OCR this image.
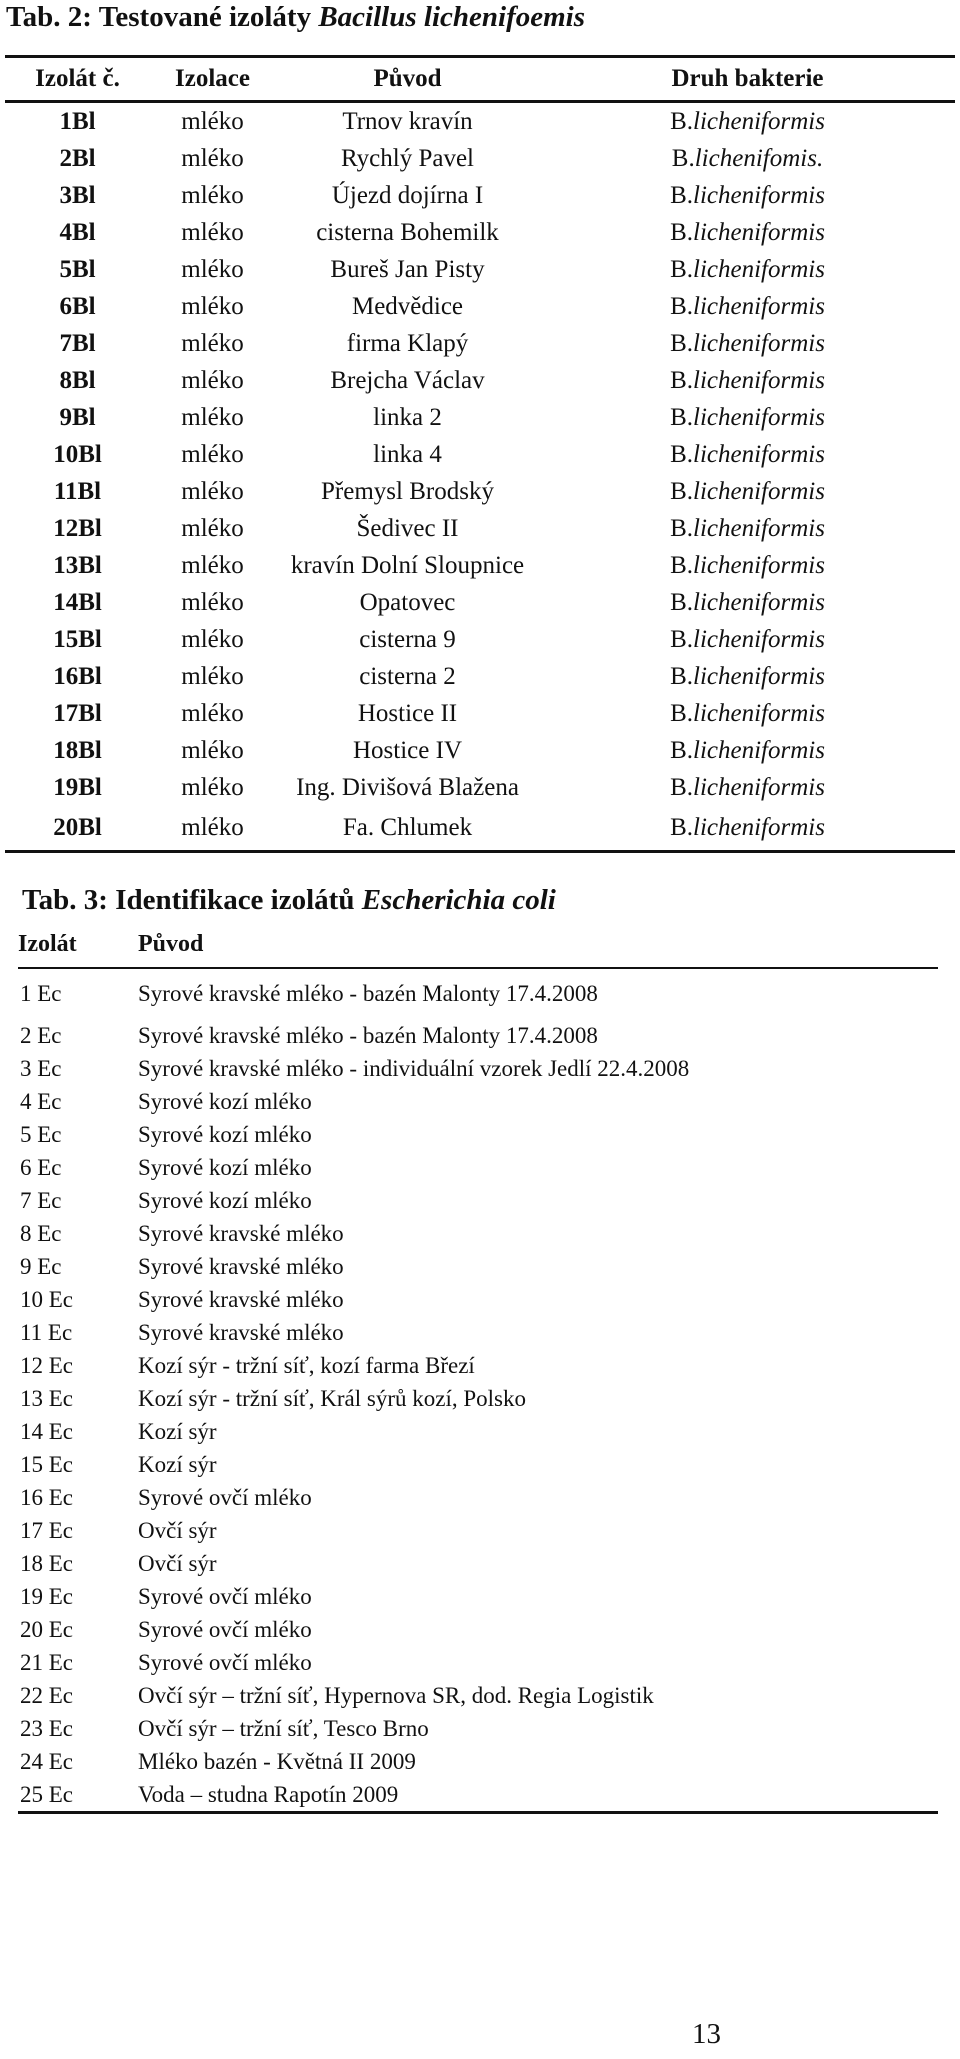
Tab. 2: Testované izoláty Bacillus lichenifoemis
Izolát č.	Izolace	Původ	Druh bakterie
1Bl	mléko	Trnov kravín	B.licheniformis
2Bl	mléko	Rychlý Pavel	B.lichenifomis.
3Bl	mléko	Újezd dojírna I	B.licheniformis
4Bl	mléko	cisterna Bohemilk	B.licheniformis
5Bl	mléko	Bureš Jan Pisty	B.licheniformis
6Bl	mléko	Medvědice	B.licheniformis
7Bl	mléko	firma Klapý	B.licheniformis
8Bl	mléko	Brejcha Václav	B.licheniformis
9Bl	mléko	linka 2	B.licheniformis
10Bl	mléko	linka 4	B.licheniformis
11Bl	mléko	Přemysl Brodský	B.licheniformis
12Bl	mléko	Šedivec II	B.licheniformis
13Bl	mléko	kravín Dolní Sloupnice	B.licheniformis
14Bl	mléko	Opatovec	B.licheniformis
15Bl	mléko	cisterna 9	B.licheniformis
16Bl	mléko	cisterna 2	B.licheniformis
17Bl	mléko	Hostice II	B.licheniformis
18Bl	mléko	Hostice IV	B.licheniformis
19Bl	mléko	Ing. Divišová Blažena	B.licheniformis
20Bl	mléko	Fa. Chlumek	B.licheniformis
Tab. 3: Identifikace izolátů Escherichia coli
Izolát	Původ
1 Ec	Syrové kravské mléko - bazén Malonty 17.4.2008
2 Ec	Syrové kravské mléko - bazén Malonty 17.4.2008
3 Ec	Syrové kravské mléko - individuální vzorek Jedlí 22.4.2008
4 Ec	Syrové kozí mléko
5 Ec	Syrové kozí mléko
6 Ec	Syrové kozí mléko
7 Ec	Syrové kozí mléko
8 Ec	Syrové kravské mléko
9 Ec	Syrové kravské mléko
10 Ec	Syrové kravské mléko
11 Ec	Syrové kravské mléko
12 Ec	Kozí sýr - tržní síť, kozí farma Březí
13 Ec	Kozí sýr - tržní síť, Král sýrů kozí, Polsko
14 Ec	Kozí sýr
15 Ec	Kozí sýr
16 Ec	Syrové ovčí mléko
17 Ec	Ovčí sýr
18 Ec	Ovčí sýr
19 Ec	Syrové ovčí mléko
20 Ec	Syrové ovčí mléko
21 Ec	Syrové ovčí mléko
22 Ec	Ovčí sýr – tržní síť, Hypernova SR, dod. Regia Logistik
23 Ec	Ovčí sýr – tržní síť, Tesco Brno
24 Ec	Mléko bazén - Květná II 2009
25 Ec	Voda – studna Rapotín 2009
13
